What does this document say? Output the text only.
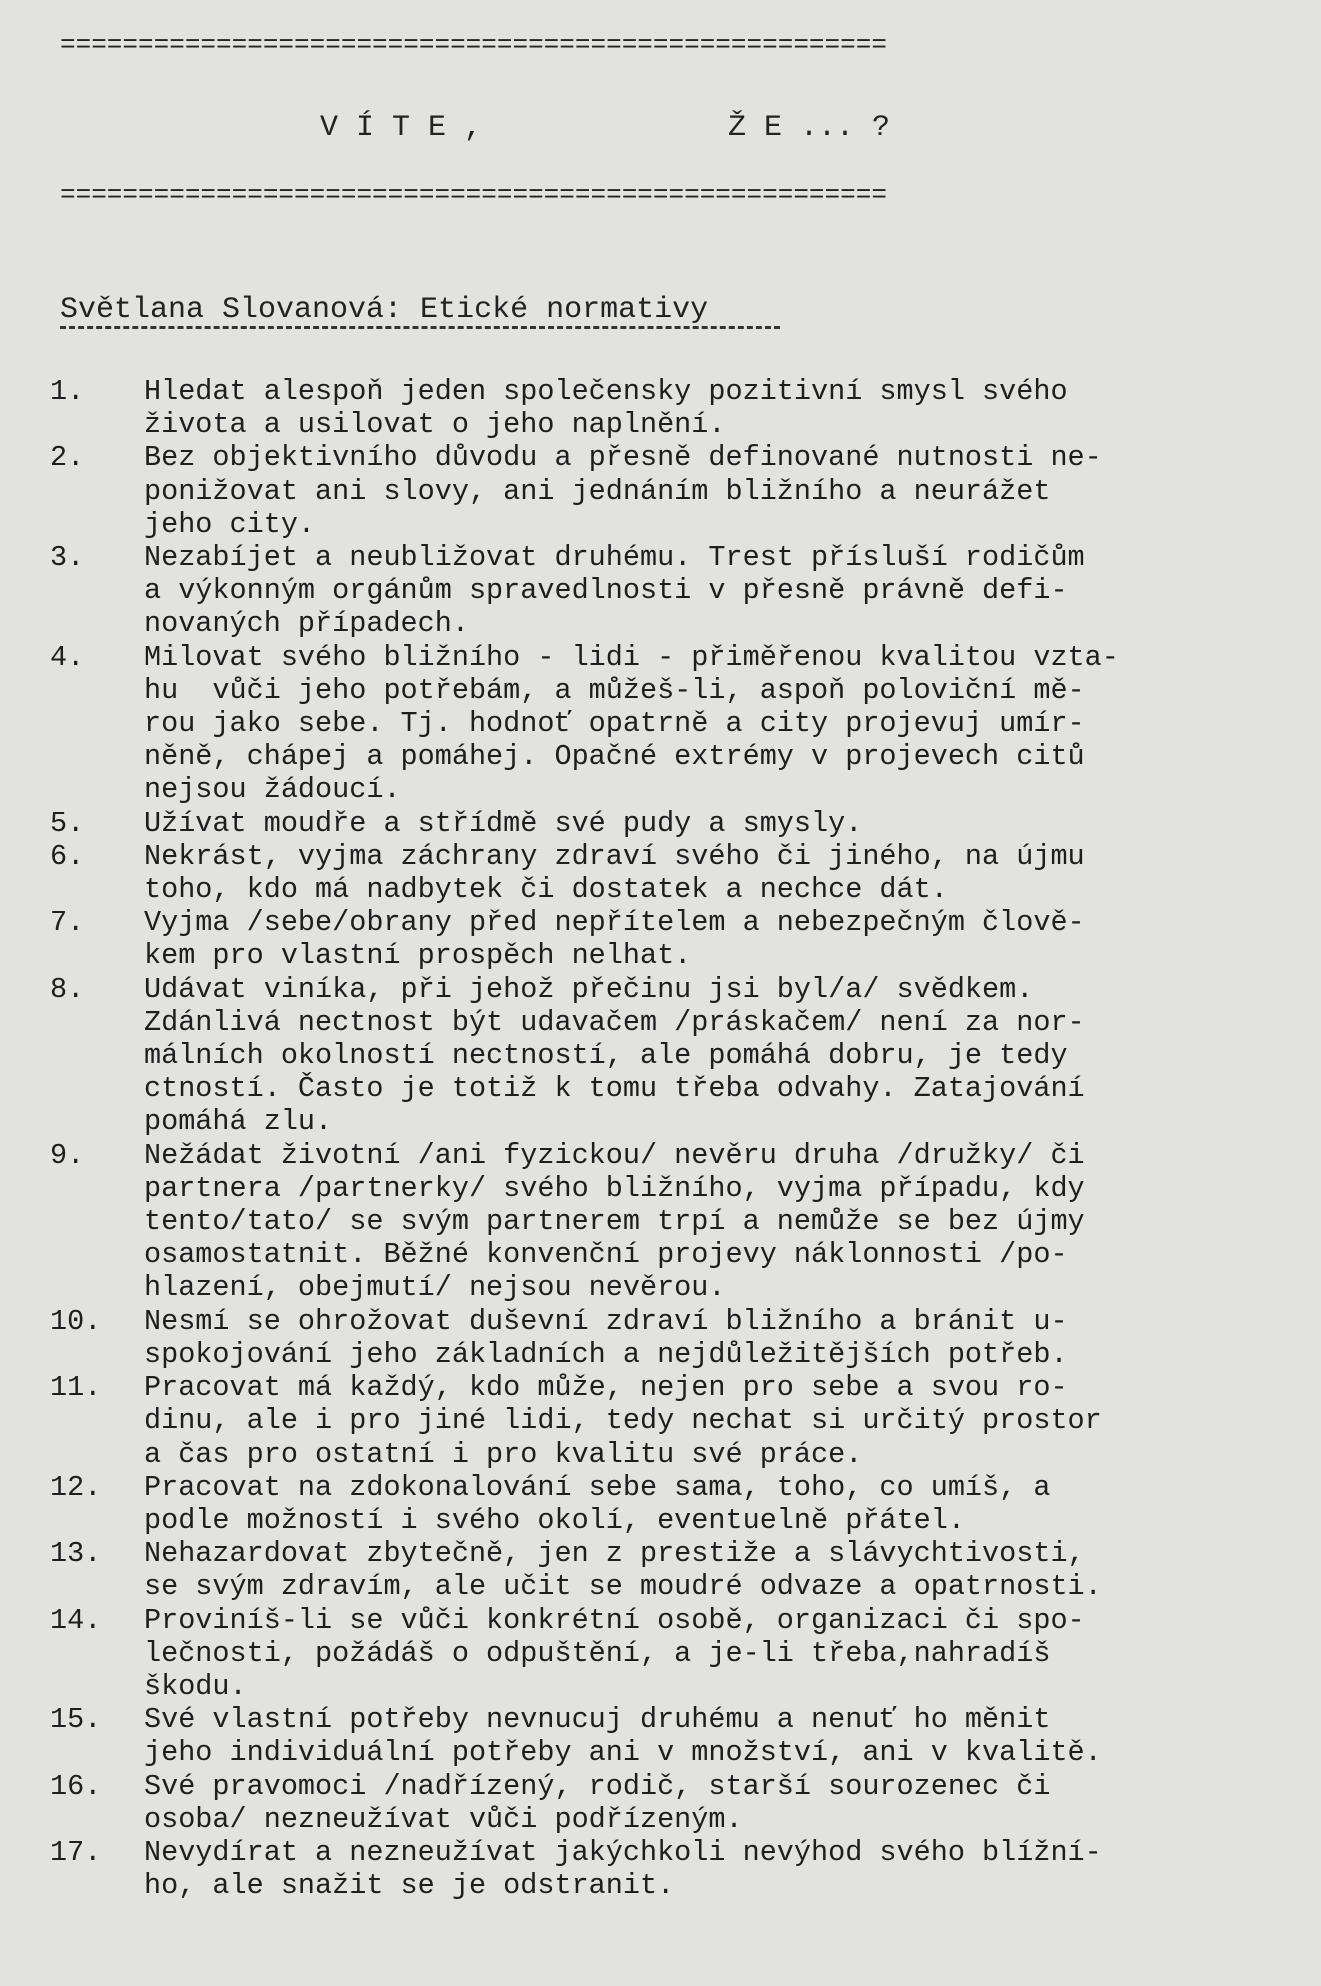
=====================================================
V Í T E ,	Ž E ... ?
=====================================================
Světlana Slovanová: Etické normativy
1.	Hledat alespoň jeden společensky pozitivní smysl svého
života a usilovat o jeho naplnění.
2.	Bez objektivního důvodu a přesně definované nutnosti ne-
ponižovat ani slovy, ani jednáním bližního a neurážet
jeho city.
3.	Nezabíjet a neubližovat druhému. Trest přísluší rodičům
a výkonným orgánům spravedlnosti v přesně právně defi-
novaných případech.
4.	Milovat svého bližního - lidi - přiměřenou kvalitou vzta-
hu  vůči jeho potřebám, a můžeš-li, aspoň poloviční mě-
rou jako sebe. Tj. hodnoť opatrně a city projevuj umír-
něně, chápej a pomáhej. Opačné extrémy v projevech citů
nejsou žádoucí.
5.	Užívat moudře a střídmě své pudy a smysly.
6.	Nekrást, vyjma záchrany zdraví svého či jiného, na újmu
toho, kdo má nadbytek či dostatek a nechce dát.
7.	Vyjma /sebe/obrany před nepřítelem a nebezpečným člově-
kem pro vlastní prospěch nelhat.
8.	Udávat viníka, při jehož přečinu jsi byl/a/ svědkem.
Zdánlivá nectnost být udavačem /práskačem/ není za nor-
málních okolností nectností, ale pomáhá dobru, je tedy
ctností. Často je totiž k tomu třeba odvahy. Zatajování
pomáhá zlu.
9.	Nežádat životní /ani fyzickou/ nevěru druha /družky/ či
partnera /partnerky/ svého bližního, vyjma případu, kdy
tento/tato/ se svým partnerem trpí a nemůže se bez újmy
osamostatnit. Běžné konvenční projevy náklonnosti /po-
hlazení, obejmutí/ nejsou nevěrou.
10.	Nesmí se ohrožovat duševní zdraví bližního a bránit u-
spokojování jeho základních a nejdůležitějších potřeb.
11.	Pracovat má každý, kdo může, nejen pro sebe a svou ro-
dinu, ale i pro jiné lidi, tedy nechat si určitý prostor
a čas pro ostatní i pro kvalitu své práce.
12.	Pracovat na zdokonalování sebe sama, toho, co umíš, a
podle možností i svého okolí, eventuelně přátel.
13.	Nehazardovat zbytečně, jen z prestiže a slávychtivosti,
se svým zdravím, ale učit se moudré odvaze a opatrnosti.
14.	Proviníš-li se vůči konkrétní osobě, organizaci či spo-
lečnosti, požádáš o odpuštění, a je-li třeba,nahradíš
škodu.
15.	Své vlastní potřeby nevnucuj druhému a nenuť ho měnit
jeho individuální potřeby ani v množství, ani v kvalitě.
16.	Své pravomoci /nadřízený, rodič, starší sourozenec či
osoba/ nezneužívat vůči podřízeným.
17.	Nevydírat a nezneužívat jakýchkoli nevýhod svého blížní-
ho, ale snažit se je odstranit.
